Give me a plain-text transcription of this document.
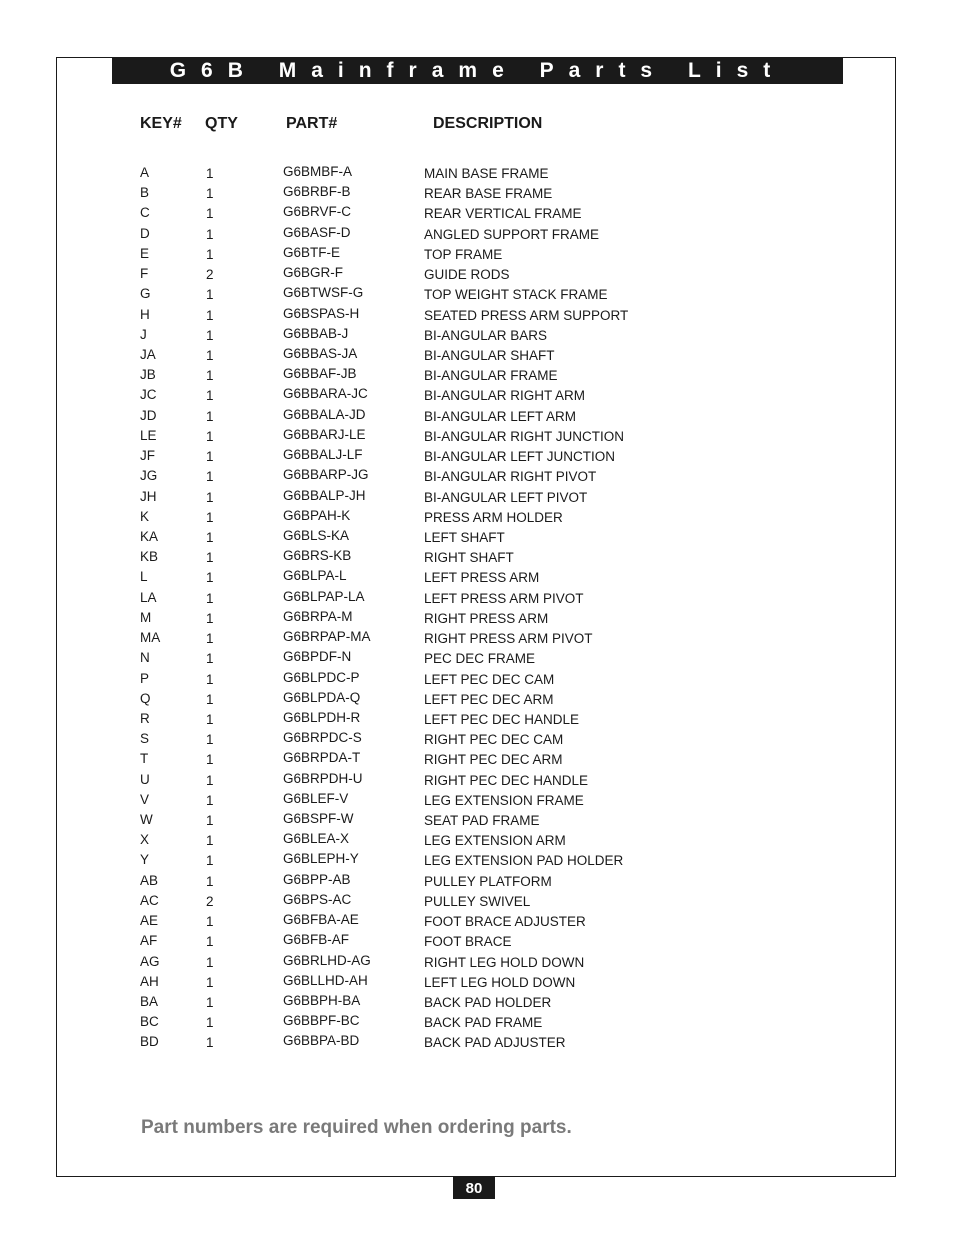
G6B Mainframe Parts List
KEY# QTY	PART#	DESCRIPTION
A	1	G6BMBF-A	MAIN BASE FRAME
B	1	G6BRBF-B	REAR BASE FRAME
C	1	G6BRVF-C	REAR VERTICAL FRAME
D	1	G6BASF-D	ANGLED SUPPORT FRAME
E	1	G6BTF-E	TOP FRAME
F	2	G6BGR-F	GUIDE RODS
G	1	G6BTWSF-G	TOP WEIGHT STACK FRAME
H	1	G6BSPAS-H	SEATED PRESS ARM SUPPORT
J	1	G6BBAB-J	BI-ANGULAR BARS
JA	1	G6BBAS-JA	BI-ANGULAR SHAFT
JB	1	G6BBAF-JB	BI-ANGULAR FRAME
JC	1	G6BBARA-JC	BI-ANGULAR RIGHT ARM
JD	1	G6BBALA-JD	BI-ANGULAR LEFT ARM
LE	1	G6BBARJ-LE	BI-ANGULAR RIGHT JUNCTION
JF	1	G6BBALJ-LF	BI-ANGULAR LEFT JUNCTION
JG	1	G6BBARP-JG	BI-ANGULAR RIGHT PIVOT
JH	1	G6BBALP-JH	BI-ANGULAR LEFT PIVOT
K	1	G6BPAH-K	PRESS ARM HOLDER
KA	1	G6BLS-KA	LEFT SHAFT
KB	1	G6BRS-KB	RIGHT SHAFT
L	1	G6BLPA-L	LEFT PRESS ARM
LA	1	G6BLPAP-LA	LEFT PRESS ARM PIVOT
M	1	G6BRPA-M	RIGHT PRESS ARM
MA	1	G6BRPAP-MA	RIGHT PRESS ARM PIVOT
N	1	G6BPDF-N	PEC DEC FRAME
P	1	G6BLPDC-P	LEFT PEC DEC CAM
Q	1	G6BLPDA-Q	LEFT PEC DEC ARM
R	1	G6BLPDH-R	LEFT PEC DEC HANDLE
S	1	G6BRPDC-S	RIGHT PEC DEC CAM
T	1	G6BRPDA-T	RIGHT PEC DEC ARM
U	1	G6BRPDH-U	RIGHT PEC DEC HANDLE
V	1	G6BLEF-V	LEG EXTENSION FRAME
W	1	G6BSPF-W	SEAT PAD FRAME
X	1	G6BLEA-X	LEG EXTENSION ARM
Y	1	G6BLEPH-Y	LEG EXTENSION PAD HOLDER
AB	1	G6BPP-AB	PULLEY PLATFORM
AC	2	G6BPS-AC	PULLEY SWIVEL
AE	1	G6BFBA-AE	FOOT BRACE ADJUSTER
AF	1	G6BFB-AF	FOOT BRACE
AG	1	G6BRLHD-AG	RIGHT LEG HOLD DOWN
AH	1	G6BLLHD-AH	LEFT LEG HOLD DOWN
BA	1	G6BBPH-BA	BACK PAD HOLDER
BC	1	G6BBPF-BC	BACK PAD FRAME
BD	1	G6BBPA-BD	BACK PAD ADJUSTER
Part numbers are required when ordering parts.
80
